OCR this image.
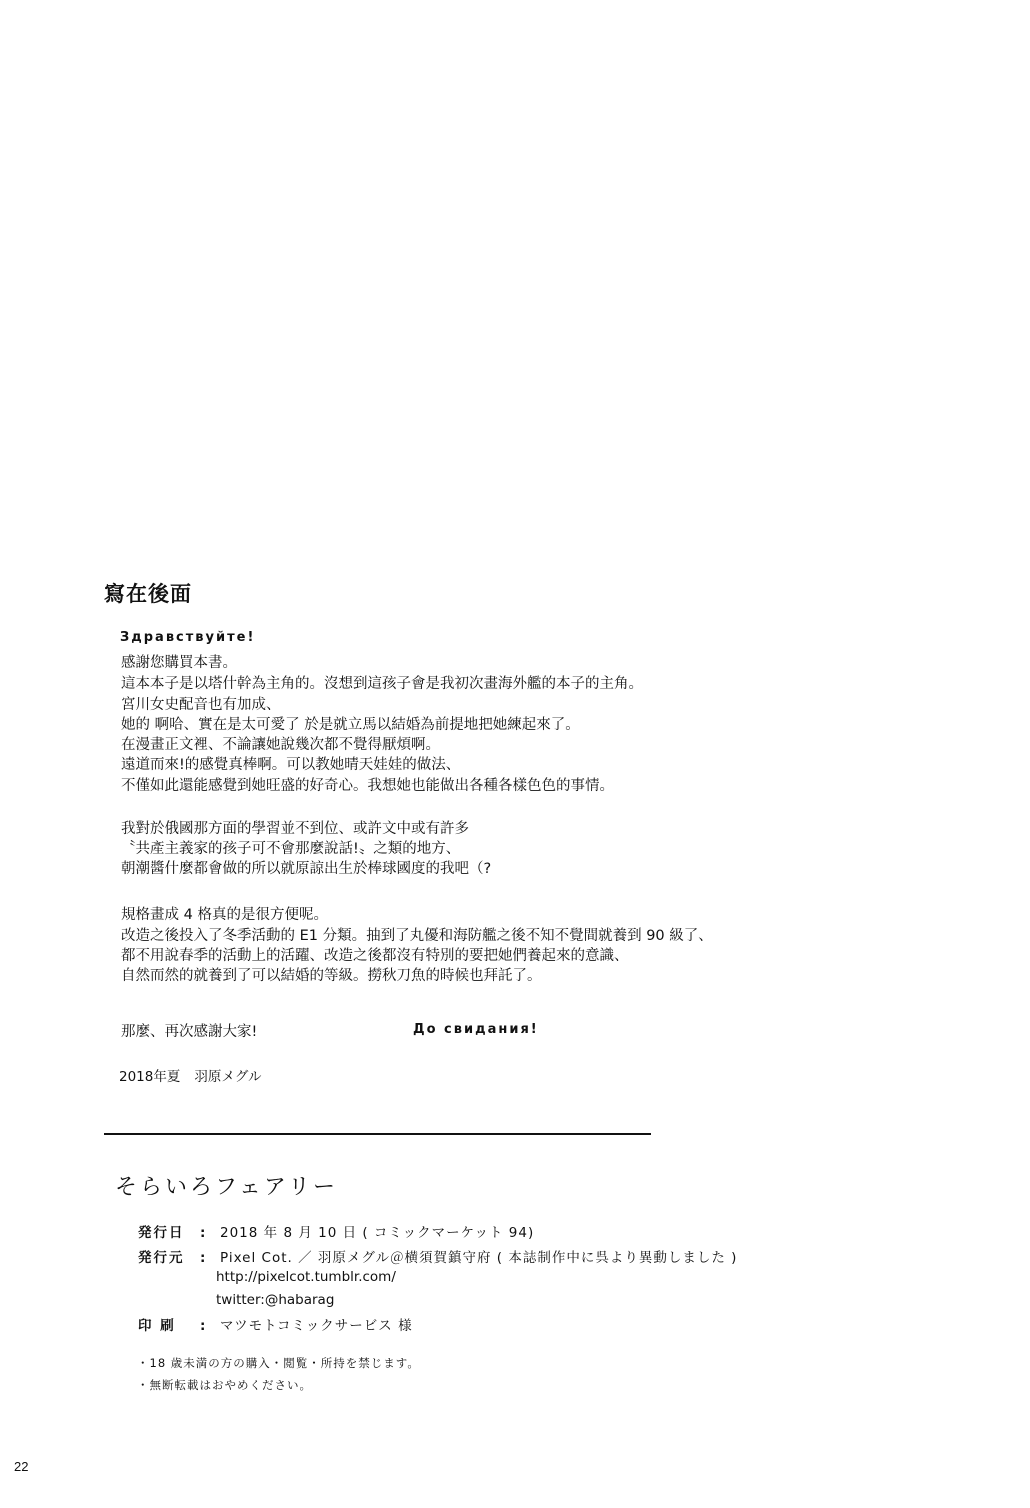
寫在後面
Здравствуйте!
感謝您購買本書。
這本本子是以塔什幹為主角的。沒想到這孩子會是我初次畫海外艦的本子的主角。
宮川女史配音也有加成、
她的 啊哈、實在是太可愛了 於是就立馬以結婚為前提地把她練起來了。
在漫畫正文裡、不論讓她說幾次都不覺得厭煩啊。
遠道而來!的感覺真棒啊。可以教她晴天娃娃的做法、
不僅如此還能感覺到她旺盛的好奇心。我想她也能做出各種各樣色色的事情。
我對於俄國那方面的學習並不到位、或許文中或有許多
〝共產主義家的孩子可不會那麼說話!〟之類的地方、
朝潮醬什麼都會做的所以就原諒出生於棒球國度的我吧（?
規格畫成 4 格真的是很方便呢。
改造之後投入了冬季活動的 E1 分類。抽到了丸優和海防艦之後不知不覺間就養到 90 級了、
都不用說春季的活動上的活躍、改造之後都沒有特別的要把她們養起來的意識、
自然而然的就養到了可以結婚的等級。撈秋刀魚的時候也拜託了。
那麼、再次感謝大家!	До свидания!
2018年夏 羽原メグル
そらいろフェアリー
発行日 : 2018 年 8 月 10 日 ( コミックマーケット 94)
発行元 : Pixel Cot. ／ 羽原メグル＠横須賀鎮守府 ( 本誌制作中に呉より異動しました )
http://pixelcot.tumblr.com/
twitter:@habarag
印 刷 : マツモトコミックサービス 様
・18 歳未満の方の購入・閲覧・所持を禁じます。
・無断転載はおやめください。
22
